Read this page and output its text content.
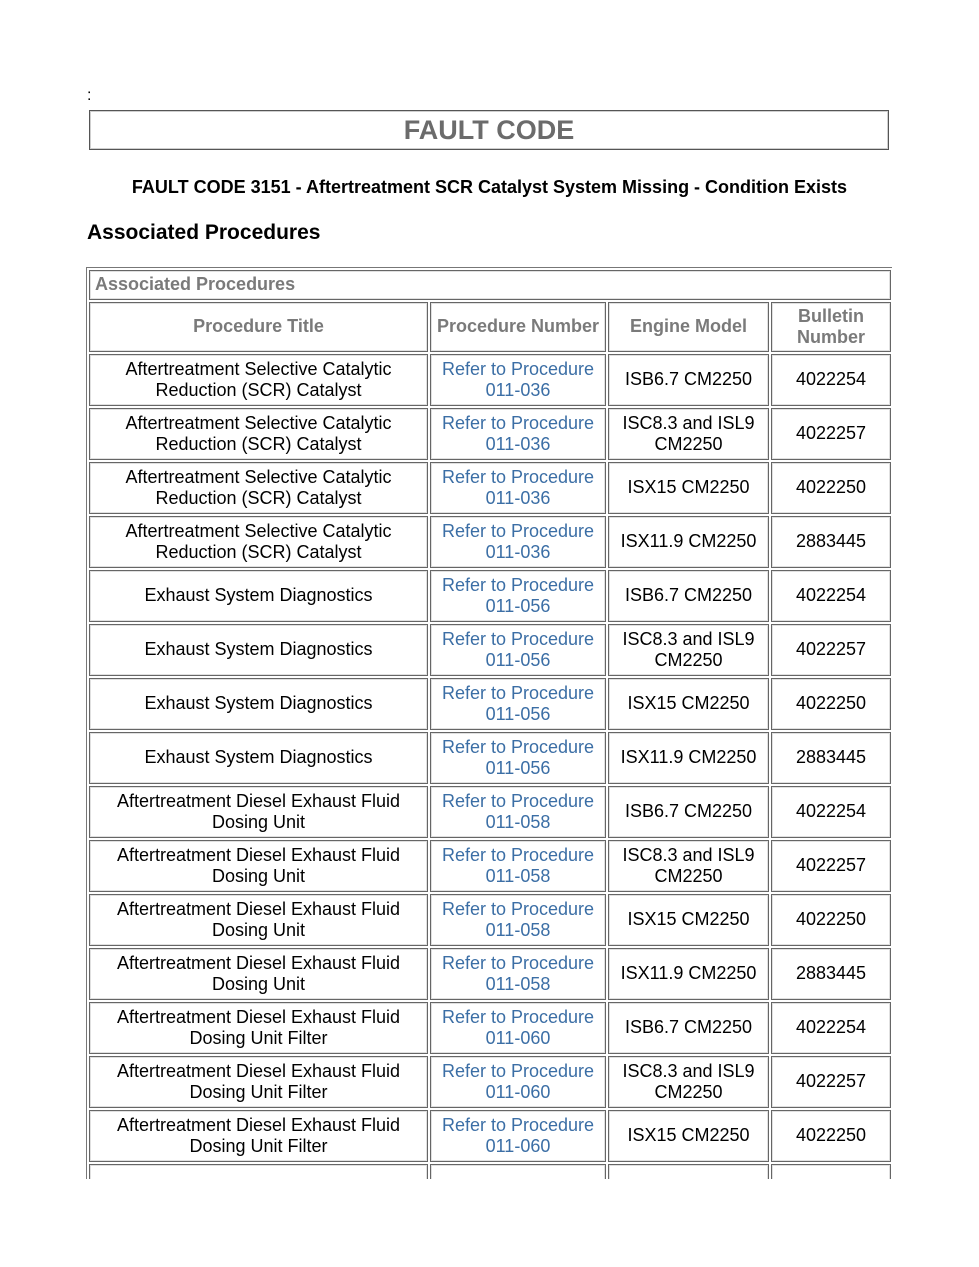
:
FAULT CODE
FAULT CODE 3151 - Aftertreatment SCR Catalyst System Missing - Condition Exists
Associated Procedures
Associated Procedures			
Procedure Title	Procedure Number	Engine Model	Bulletin Number
Aftertreatment Selective Catalytic Reduction (SCR) Catalyst	Refer to Procedure 011-036	ISB6.7 CM2250	4022254
Aftertreatment Selective Catalytic Reduction (SCR) Catalyst	Refer to Procedure 011-036	ISC8.3 and ISL9 CM2250	4022257
Aftertreatment Selective Catalytic Reduction (SCR) Catalyst	Refer to Procedure 011-036	ISX15 CM2250	4022250
Aftertreatment Selective Catalytic Reduction (SCR) Catalyst	Refer to Procedure 011-036	ISX11.9 CM2250	2883445
Exhaust System Diagnostics	Refer to Procedure 011-056	ISB6.7 CM2250	4022254
Exhaust System Diagnostics	Refer to Procedure 011-056	ISC8.3 and ISL9 CM2250	4022257
Exhaust System Diagnostics	Refer to Procedure 011-056	ISX15 CM2250	4022250
Exhaust System Diagnostics	Refer to Procedure 011-056	ISX11.9 CM2250	2883445
Aftertreatment Diesel Exhaust Fluid Dosing Unit	Refer to Procedure 011-058	ISB6.7 CM2250	4022254
Aftertreatment Diesel Exhaust Fluid Dosing Unit	Refer to Procedure 011-058	ISC8.3 and ISL9 CM2250	4022257
Aftertreatment Diesel Exhaust Fluid Dosing Unit	Refer to Procedure 011-058	ISX15 CM2250	4022250
Aftertreatment Diesel Exhaust Fluid Dosing Unit	Refer to Procedure 011-058	ISX11.9 CM2250	2883445
Aftertreatment Diesel Exhaust Fluid Dosing Unit Filter	Refer to Procedure 011-060	ISB6.7 CM2250	4022254
Aftertreatment Diesel Exhaust Fluid Dosing Unit Filter	Refer to Procedure 011-060	ISC8.3 and ISL9 CM2250	4022257
Aftertreatment Diesel Exhaust Fluid Dosing Unit Filter	Refer to Procedure 011-060	ISX15 CM2250	4022250
